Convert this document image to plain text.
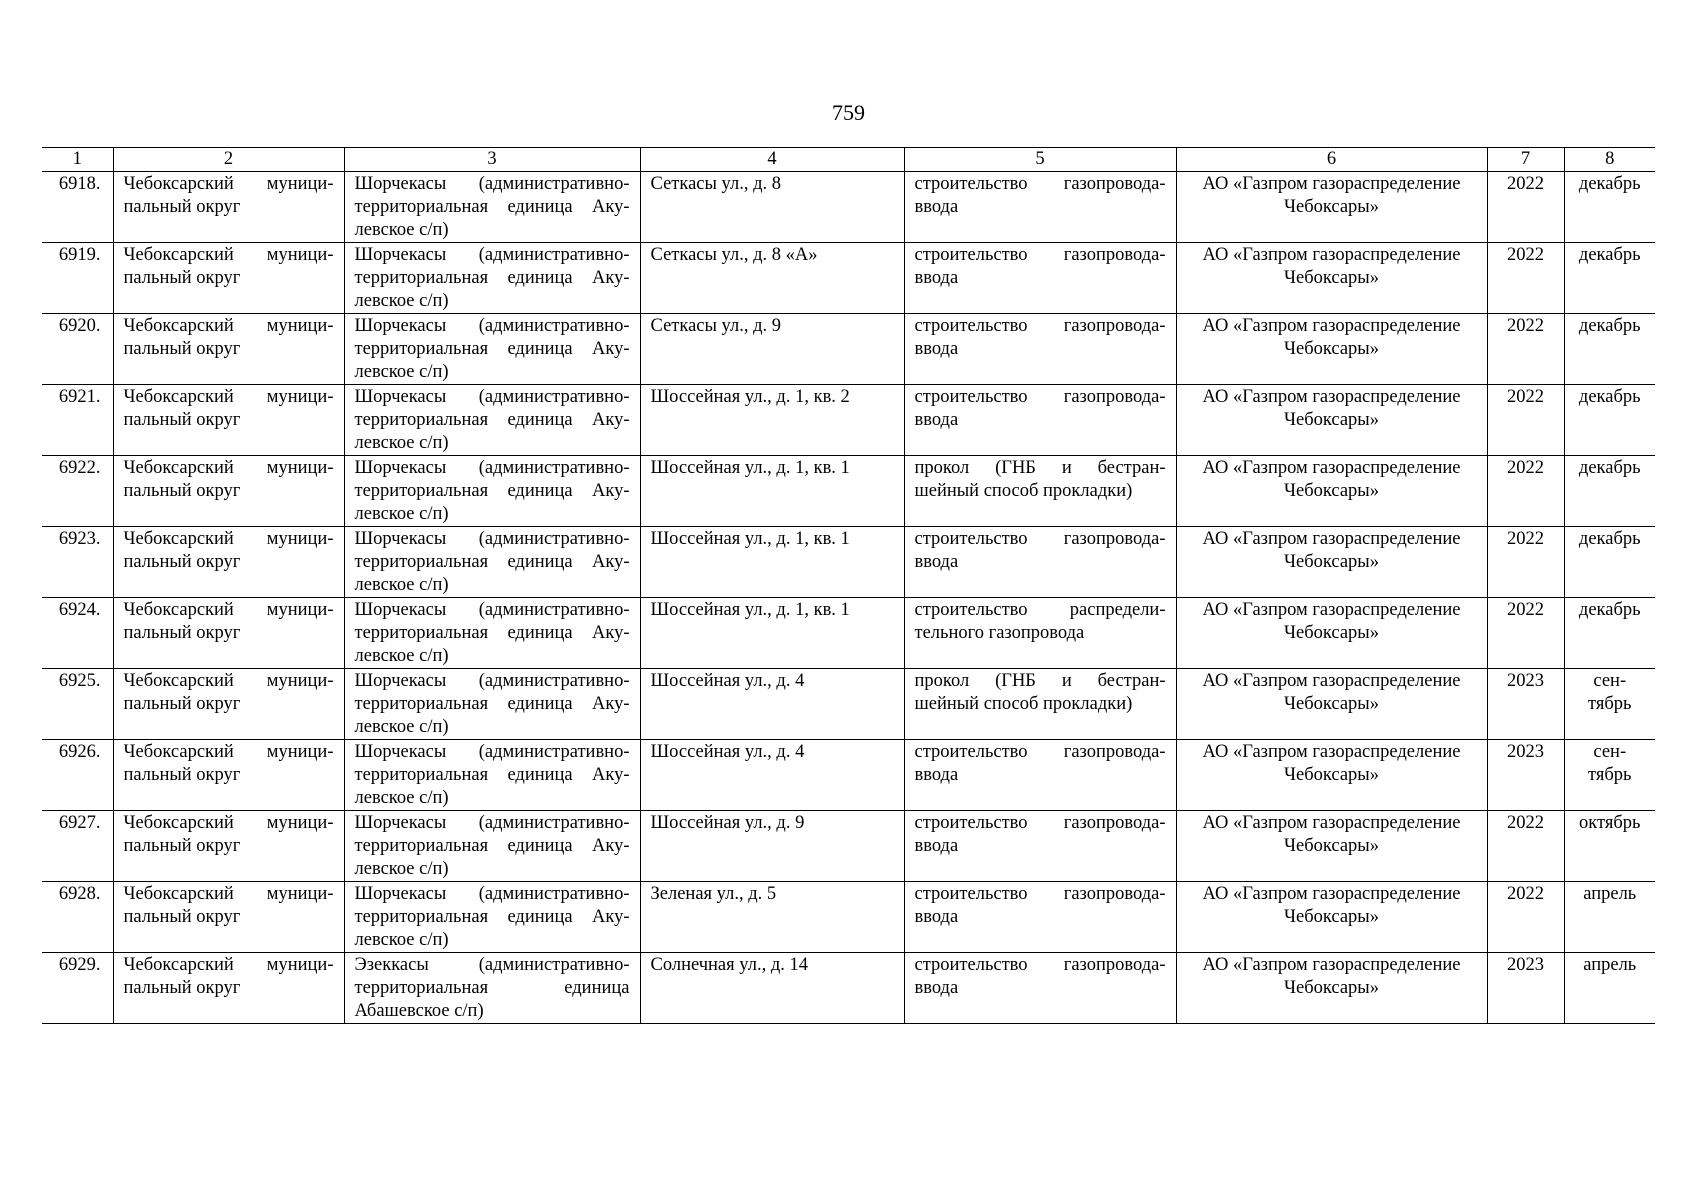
759
1	2	3	4	5	6	7	8
6918.	Чебоксарский муници-пальный округ	Шорчекасы (административно-территориальная единица Аку-левское с/п)	Сеткасы ул., д. 8	строительство газопровода-ввода	АО «Газпром газораспределение Чебоксары»	2022	декабрь
6919.	Чебоксарский муници-пальный округ	Шорчекасы (административно-территориальная единица Аку-левское с/п)	Сеткасы ул., д. 8 «А»	строительство газопровода-ввода	АО «Газпром газораспределение Чебоксары»	2022	декабрь
6920.	Чебоксарский муници-пальный округ	Шорчекасы (административно-территориальная единица Аку-левское с/п)	Сеткасы ул., д. 9	строительство газопровода-ввода	АО «Газпром газораспределение Чебоксары»	2022	декабрь
6921.	Чебоксарский муници-пальный округ	Шорчекасы (административно-территориальная единица Аку-левское с/п)	Шоссейная ул., д. 1, кв. 2	строительство газопровода-ввода	АО «Газпром газораспределение Чебоксары»	2022	декабрь
6922.	Чебоксарский муници-пальный округ	Шорчекасы (административно-территориальная единица Аку-левское с/п)	Шоссейная ул., д. 1, кв. 1	прокол (ГНБ и бестран-шейный способ прокладки)	АО «Газпром газораспределение Чебоксары»	2022	декабрь
6923.	Чебоксарский муници-пальный округ	Шорчекасы (административно-территориальная единица Аку-левское с/п)	Шоссейная ул., д. 1, кв. 1	строительство газопровода-ввода	АО «Газпром газораспределение Чебоксары»	2022	декабрь
6924.	Чебоксарский муници-пальный округ	Шорчекасы (административно-территориальная единица Аку-левское с/п)	Шоссейная ул., д. 1, кв. 1	строительство распредели-тельного газопровода	АО «Газпром газораспределение Чебоксары»	2022	декабрь
6925.	Чебоксарский муници-пальный округ	Шорчекасы (административно-территориальная единица Аку-левское с/п)	Шоссейная ул., д. 4	прокол (ГНБ и бестран-шейный способ прокладки)	АО «Газпром газораспределение Чебоксары»	2023	сен-тябрь
6926.	Чебоксарский муници-пальный округ	Шорчекасы (административно-территориальная единица Аку-левское с/п)	Шоссейная ул., д. 4	строительство газопровода-ввода	АО «Газпром газораспределение Чебоксары»	2023	сен-тябрь
6927.	Чебоксарский муници-пальный округ	Шорчекасы (административно-территориальная единица Аку-левское с/п)	Шоссейная ул., д. 9	строительство газопровода-ввода	АО «Газпром газораспределение Чебоксары»	2022	октябрь
6928.	Чебоксарский муници-пальный округ	Шорчекасы (административно-территориальная единица Аку-левское с/п)	Зеленая ул., д. 5	строительство газопровода-ввода	АО «Газпром газораспределение Чебоксары»	2022	апрель
6929.	Чебоксарский муници-пальный округ	Эзеккасы (административно-территориальная единица Абашевское с/п)	Солнечная ул., д. 14	строительство газопровода-ввода	АО «Газпром газораспределение Чебоксары»	2023	апрель
